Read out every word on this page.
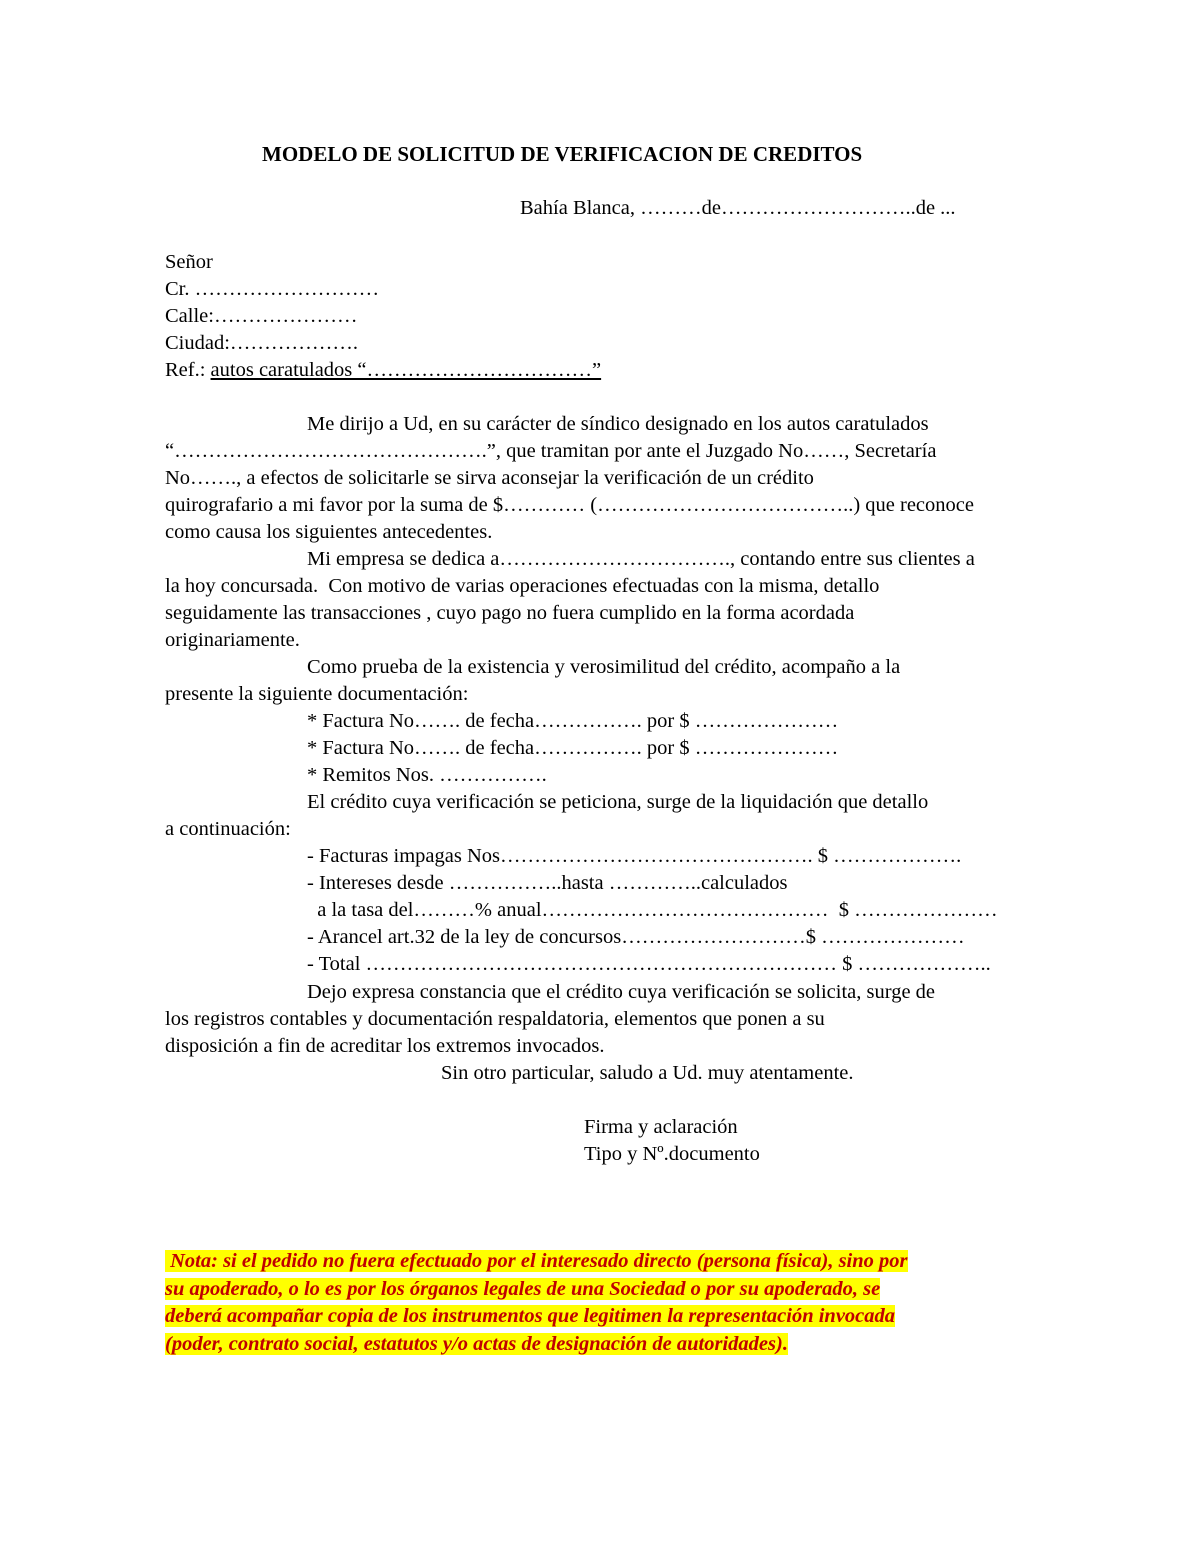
MODELO DE SOLICITUD DE VERIFICACION DE CREDITOS
Bahía Blanca, ………de………………………..de ...
Señor
Cr. ………………………
Calle:…………………
Ciudad:……………….
Ref.: autos caratulados “……………………………”
Me dirijo a Ud, en su carácter de síndico designado en los autos caratulados
“……………………………………….”, que tramitan por ante el Juzgado No……, Secretaría
No……., a efectos de solicitarle se sirva aconsejar la verificación de un crédito
quirografario a mi favor por la suma de $………… (………………………………..) que reconoce
como causa los siguientes antecedentes.
Mi empresa se dedica a……………………………., contando entre sus clientes a
la hoy concursada.  Con motivo de varias operaciones efectuadas con la misma, detallo
seguidamente las transacciones , cuyo pago no fuera cumplido en la forma acordada
originariamente.
Como prueba de la existencia y verosimilitud del crédito, acompaño a la
presente la siguiente documentación:
* Factura No……. de fecha……………. por $ …………………
* Factura No……. de fecha……………. por $ …………………
* Remitos Nos. …………….
El crédito cuya verificación se peticiona, surge de la liquidación que detallo
a continuación:
- Facturas impagas Nos………………………………………. $ ……………….
- Intereses desde ……………..hasta …………..calculados
a la tasa del………% anual……………………………………  $ …………………
- Arancel art.32 de la ley de concursos………………………$ …………………
- Total …………………………………………………………… $ ………………..
Dejo expresa constancia que el crédito cuya verificación se solicita, surge de
los registros contables y documentación respaldatoria, elementos que ponen a su
disposición a fin de acreditar los extremos invocados.
Sin otro particular, saludo a Ud. muy atentamente.
Firma y aclaración
Tipo y Nº.documento
Nota: si el pedido no fuera efectuado por el interesado directo (persona física), sino por
su apoderado, o lo es por los órganos legales de una Sociedad o por su apoderado, se
deberá acompañar copia de los instrumentos que legitimen la representación invocada
(poder, contrato social, estatutos y/o actas de designación de autoridades).
